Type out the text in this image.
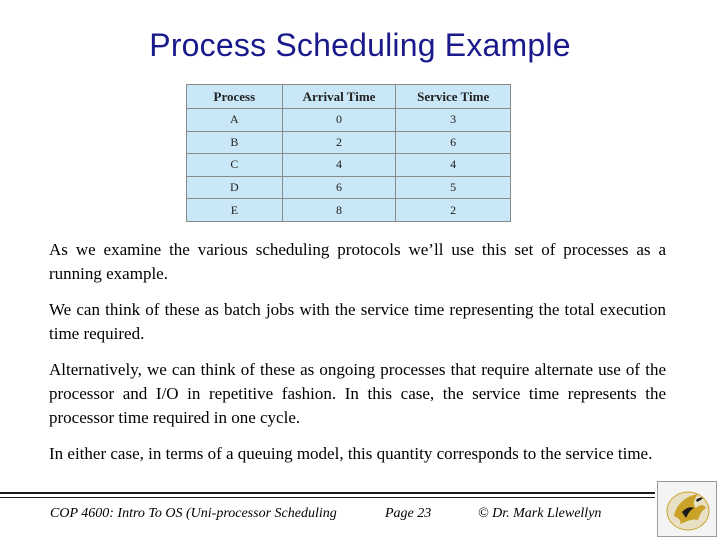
Process Scheduling Example
Process	Arrival Time	Service Time
A	0	3
B	2	6
C	4	4
D	6	5
E	8	2

As we examine the various scheduling protocols we’ll use this set of processes as a running example.

We can think of these as batch jobs with the service time representing the total execution time required.

Alternatively, we can think of these as ongoing processes that require alternate use of the processor and I/O in repetitive fashion. In this case, the service time represents the processor time required in one cycle.

In either case, in terms of a queuing model, this quantity corresponds to the service time.

COP 4600: Intro To OS (Uni-processor Scheduling	Page 23	© Dr. Mark Llewellyn
